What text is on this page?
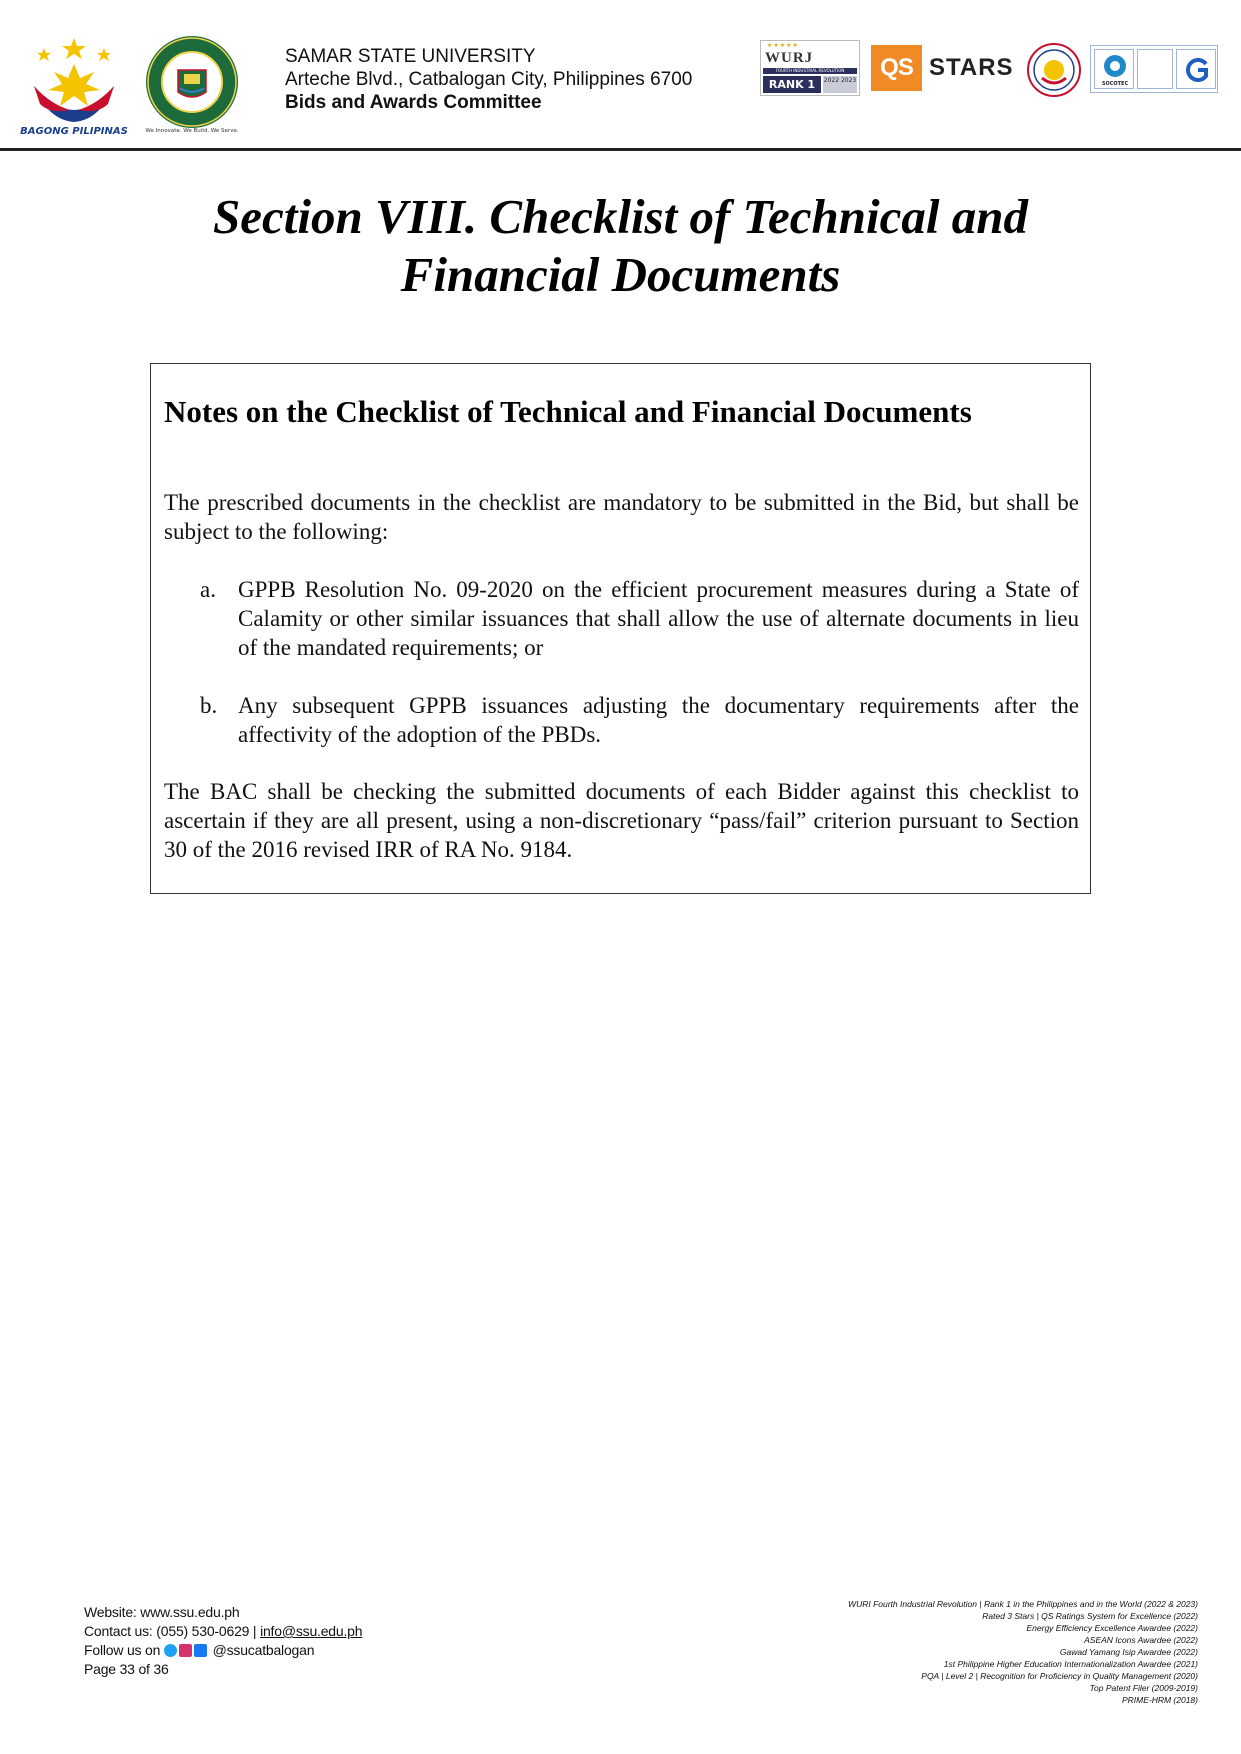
BAGONG PILIPINAS	We Innovate. We Build. We Serve.
SAMAR STATE UNIVERSITY
Arteche Blvd., Catbalogan City, Philippines 6700
Bids and Awards Committee
★★★★★
WURJ
FOURTH INDUSTRIAL REVOLUTION
RANK 1	2022 2023 QS STARS
SOCOTEC
Section VIII. Checklist of Technical and
Financial Documents
Notes on the Checklist of Technical and Financial Documents
The prescribed documents in the checklist are mandatory to be submitted in the Bid, but shall be subject to the following:
a. GPPB Resolution No. 09-2020 on the efficient procurement measures during a State of Calamity or other similar issuances that shall allow the use of alternate documents in lieu of the mandated requirements; or
b. Any subsequent GPPB issuances adjusting the documentary requirements after the affectivity of the adoption of the PBDs.
The BAC shall be checking the submitted documents of each Bidder against this checklist to ascertain if they are all present, using a non-discretionary “pass/fail” criterion pursuant to Section 30 of the 2016 revised IRR of RA No. 9184.
Website: www.ssu.edu.ph
Contact us: (055) 530-0629 | info@ssu.edu.ph
Follow us on	@ssucatbalogan
Page 33 of 36
WURI Fourth Industrial Revolution | Rank 1 in the Philippines and in the World (2022 & 2023)
Rated 3 Stars | QS Ratings System for Excellence (2022)
Energy Efficiency Excellence Awardee (2022)
ASEAN Icons Awardee (2022)
Gawad Yamang Isip Awardee (2022)
1st Philippine Higher Education Internationalization Awardee (2021)
PQA | Level 2 | Recognition for Proficiency in Quality Management (2020)
Top Patent Filer (2009-2019)
PRIME-HRM (2018)
